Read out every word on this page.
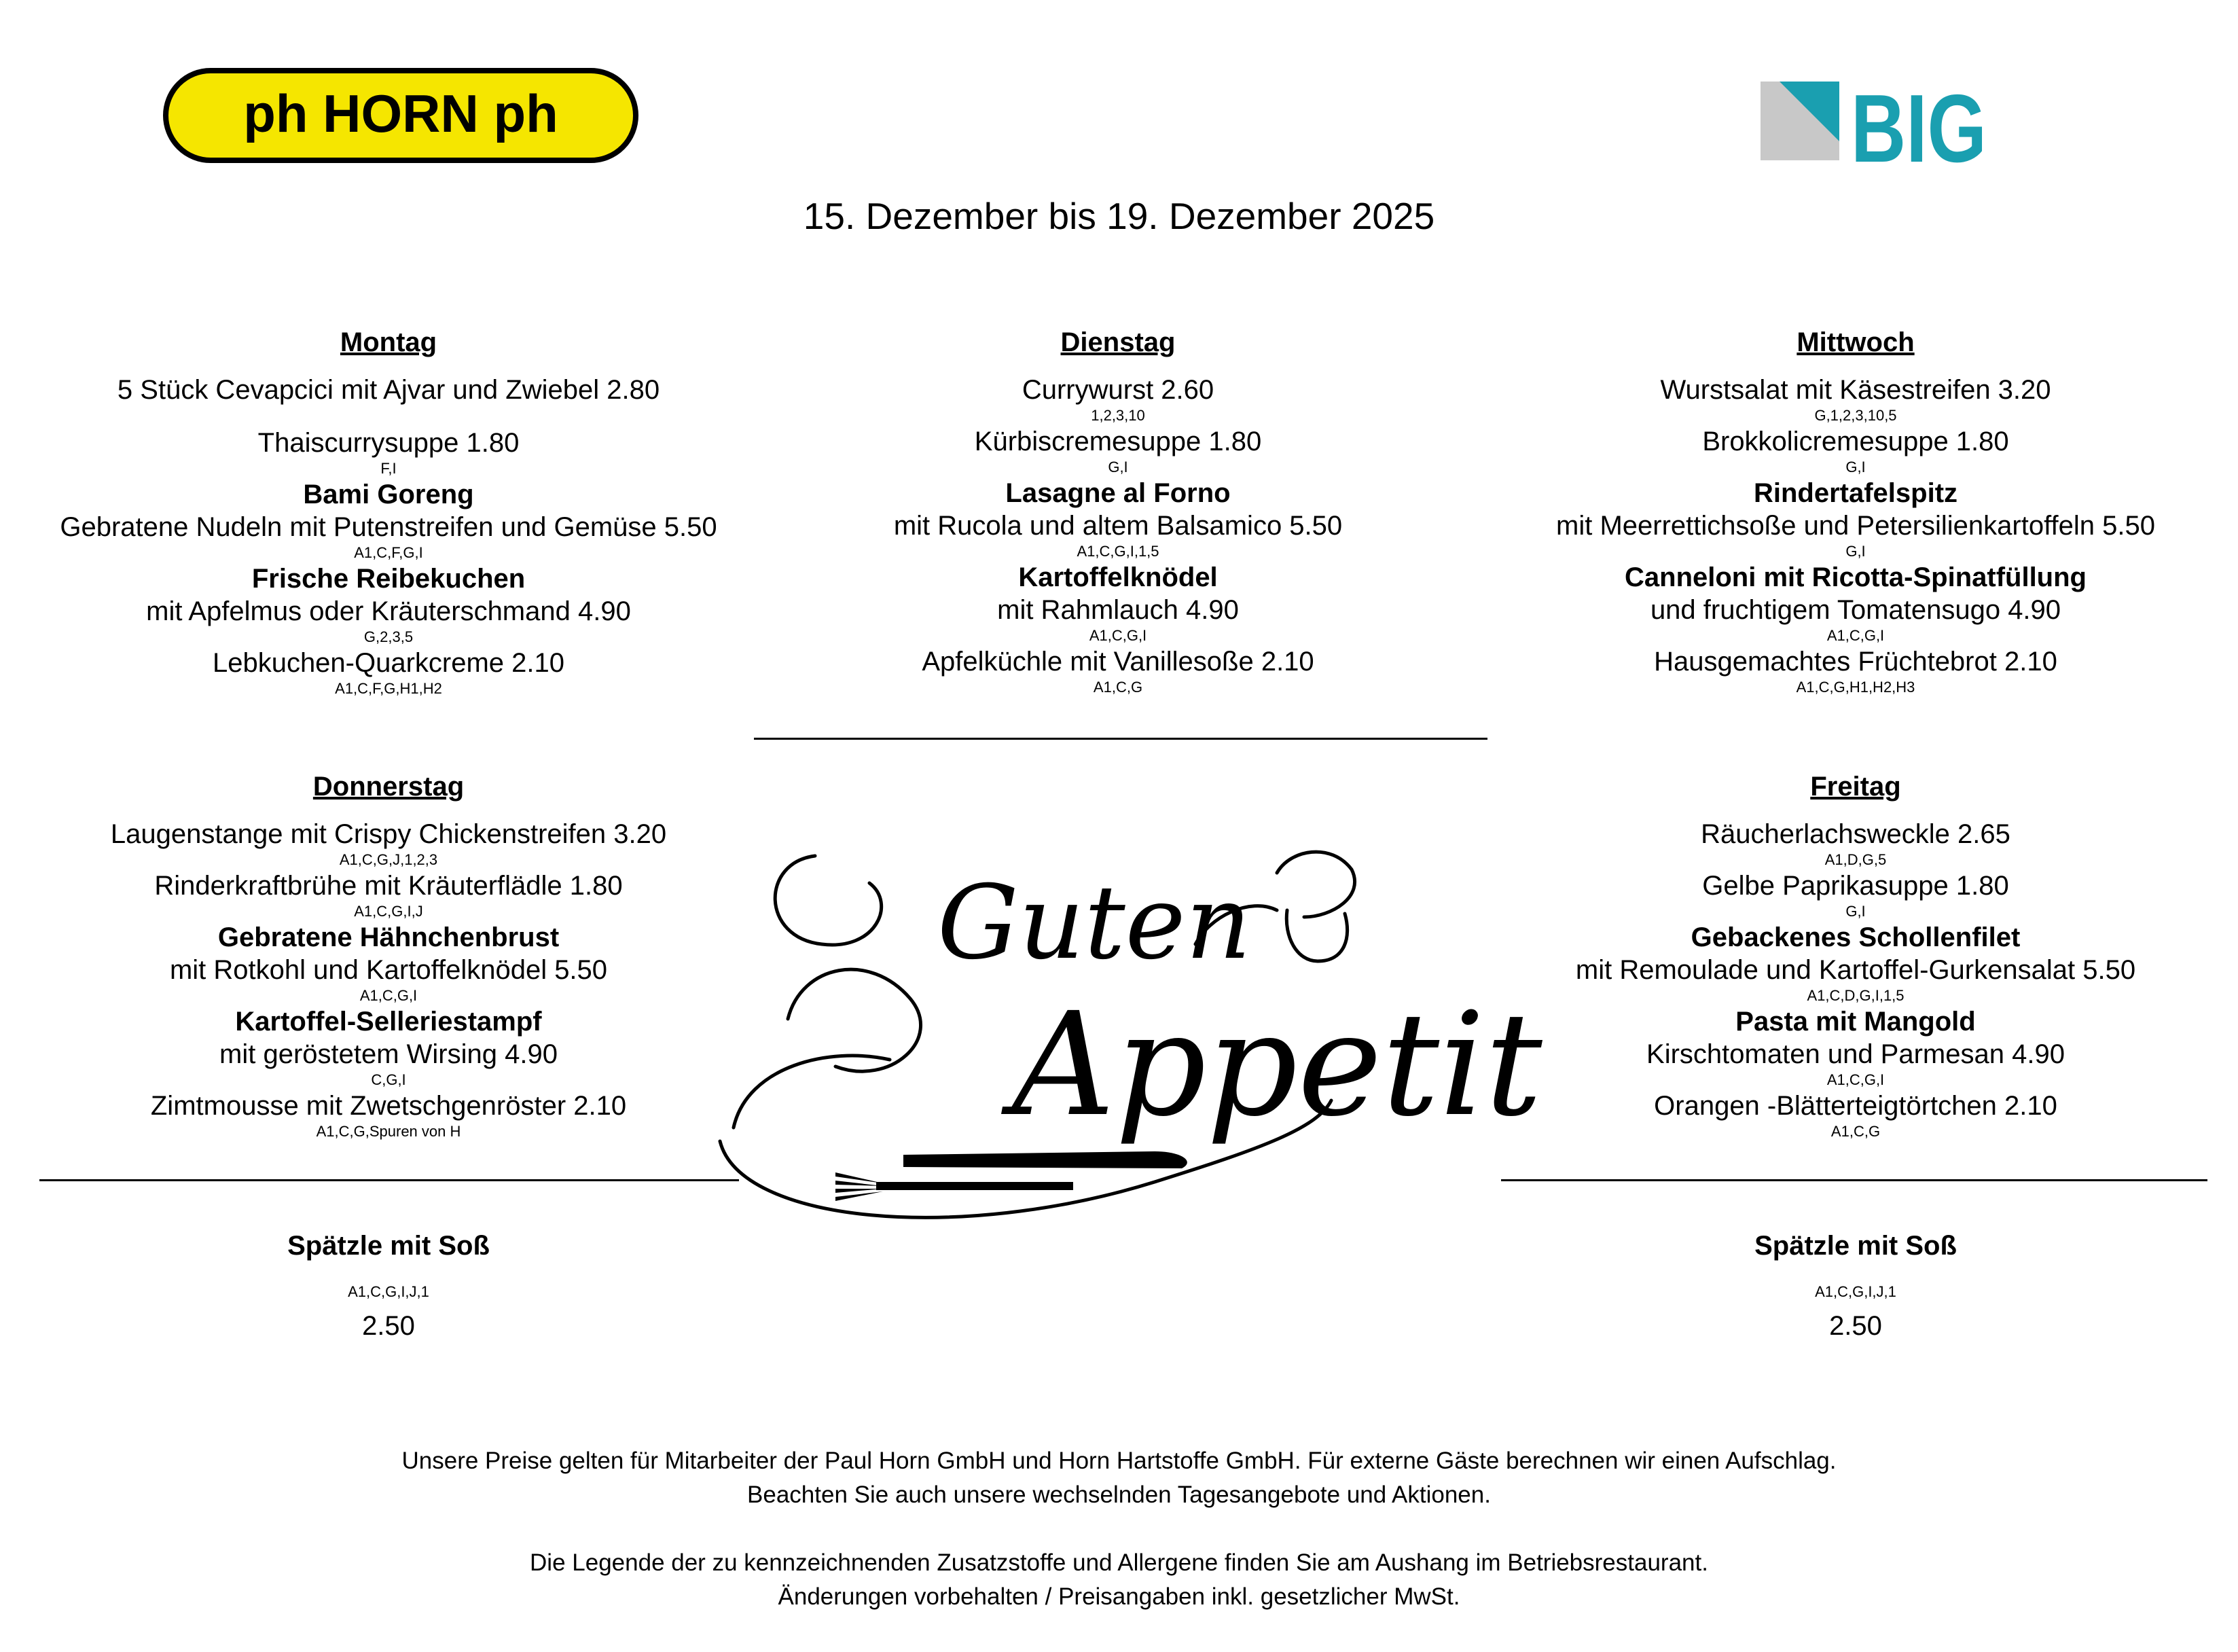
ph HORN ph	BIG
15. Dezember bis 19. Dezember 2025
Montag
5 Stück Cevapcici mit Ajvar und Zwiebel 2.80
Thaiscurrysuppe 1.80
F,I
Bami Goreng
Gebratene Nudeln mit Putenstreifen und Gemüse 5.50
A1,C,F,G,I
Frische Reibekuchen
mit Apfelmus oder Kräuterschmand 4.90
G,2,3,5
Lebkuchen-Quarkcreme 2.10
A1,C,F,G,H1,H2
Dienstag
Currywurst 2.60
1,2,3,10
Kürbiscremesuppe 1.80
G,I
Lasagne al Forno
mit Rucola und altem Balsamico 5.50
A1,C,G,I,1,5
Kartoffelknödel
mit Rahmlauch 4.90
A1,C,G,I
Apfelküchle mit Vanillesoße 2.10
A1,C,G
Mittwoch
Wurstsalat mit Käsestreifen 3.20
G,1,2,3,10,5
Brokkolicremesuppe 1.80
G,I
Rindertafelspitz
mit Meerrettichsoße und Petersilienkartoffeln 5.50
G,I
Canneloni mit Ricotta-Spinatfüllung
und fruchtigem Tomatensugo 4.90
A1,C,G,I
Hausgemachtes Früchtebrot 2.10
A1,C,G,H1,H2,H3
Donnerstag
Laugenstange mit Crispy Chickenstreifen 3.20
A1,C,G,J,1,2,3
Rinderkraftbrühe mit Kräuterflädle 1.80
A1,C,G,I,J
Gebratene Hähnchenbrust
mit Rotkohl und Kartoffelknödel 5.50
A1,C,G,I
Kartoffel-Selleriestampf
mit geröstetem Wirsing 4.90
C,G,I
Zimtmousse mit Zwetschgenröster 2.10
A1,C,G,Spuren von H
Freitag
Räucherlachsweckle 2.65
A1,D,G,5
Gelbe Paprikasuppe 1.80
G,I
Gebackenes Schollenfilet
mit Remoulade und Kartoffel-Gurkensalat 5.50
A1,C,D,G,I,1,5
Pasta mit Mangold
Kirschtomaten und Parmesan 4.90
A1,C,G,I
Orangen -Blätterteigtörtchen 2.10
A1,C,G
Guten
Appetit
Spätzle mit Soß
A1,C,G,I,J,1
2.50
Spätzle mit Soß
A1,C,G,I,J,1
2.50
Unsere Preise gelten für Mitarbeiter der Paul Horn GmbH und Horn Hartstoffe GmbH. Für externe Gäste berechnen wir einen Aufschlag.
Beachten Sie auch unsere wechselnden Tagesangebote und Aktionen.
Die Legende der zu kennzeichnenden Zusatzstoffe und Allergene finden Sie am Aushang im Betriebsrestaurant.
Änderungen vorbehalten / Preisangaben inkl. gesetzlicher MwSt.
